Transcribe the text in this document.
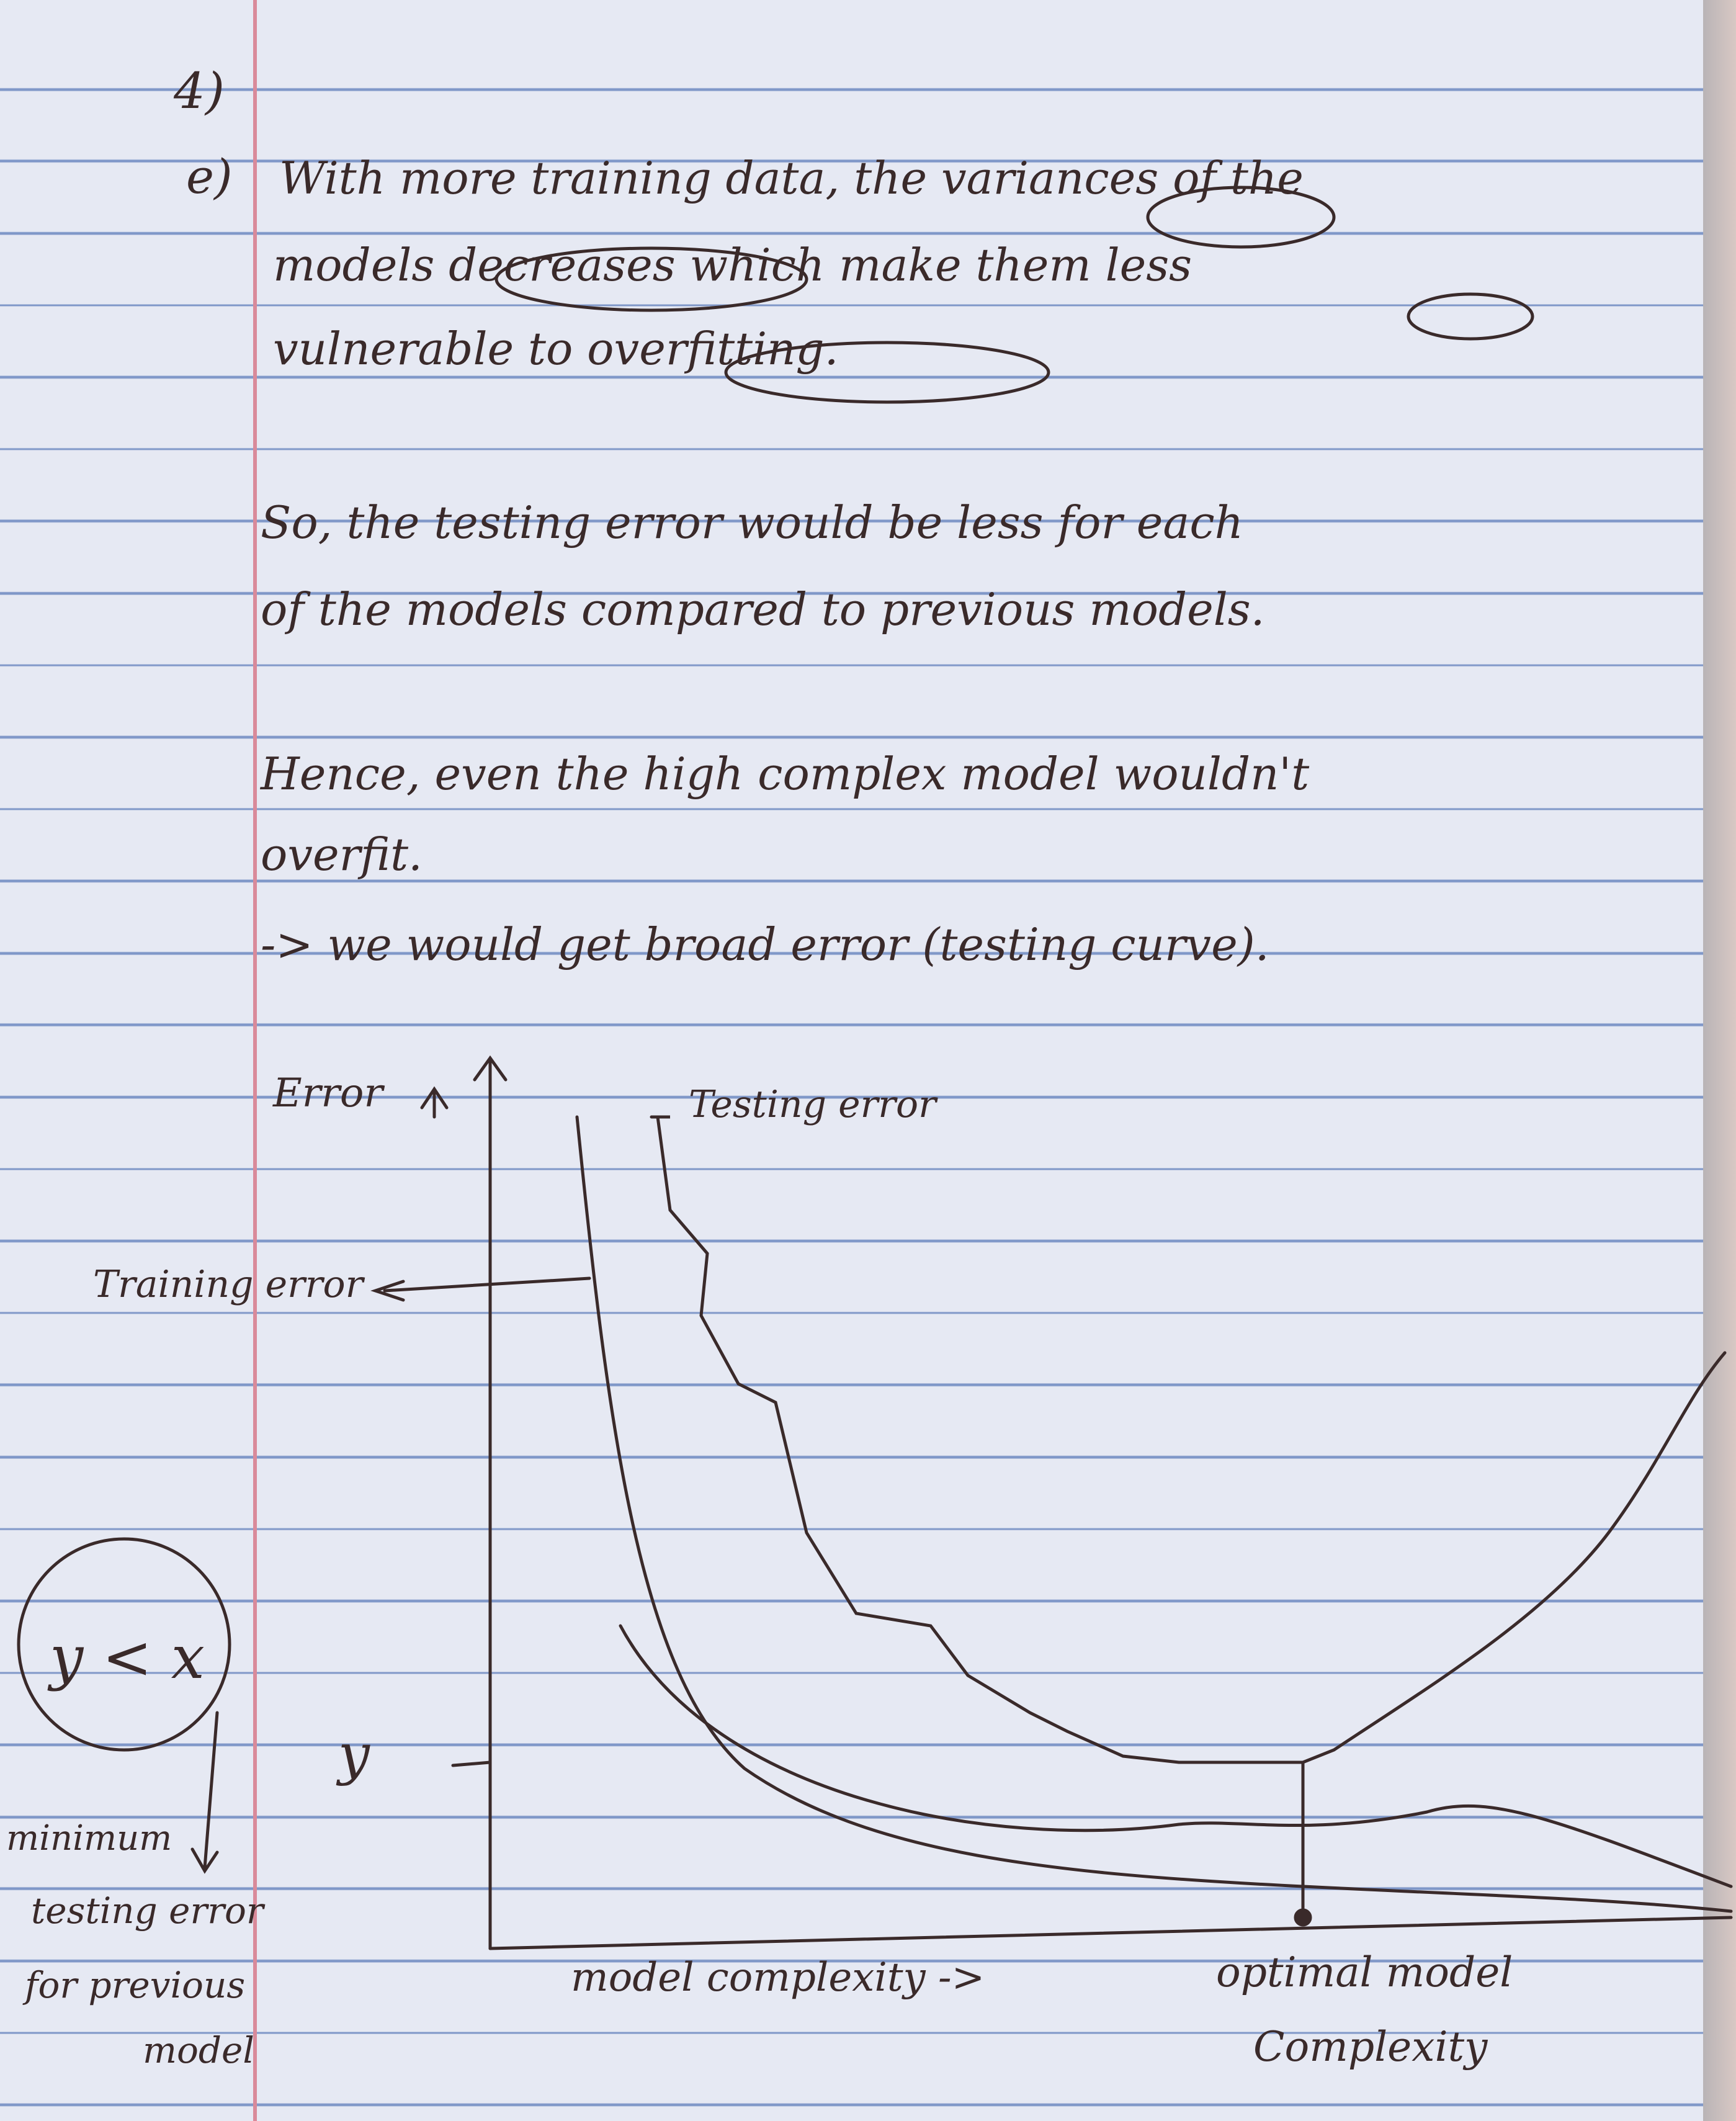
4)
e) With more training data, the variances of the
models decreases which make them less
vulnerable to overfitting.
So, the testing error would be less for each
of the models compared to previous models.
Hence, even the high complex model wouldn't
overfit.
-> we would get broad error (testing curve).
Error	Testing error
Training error
model complexity ->	optimal model
Complexity
y
y < x
minimum
testing error
for previous
model
